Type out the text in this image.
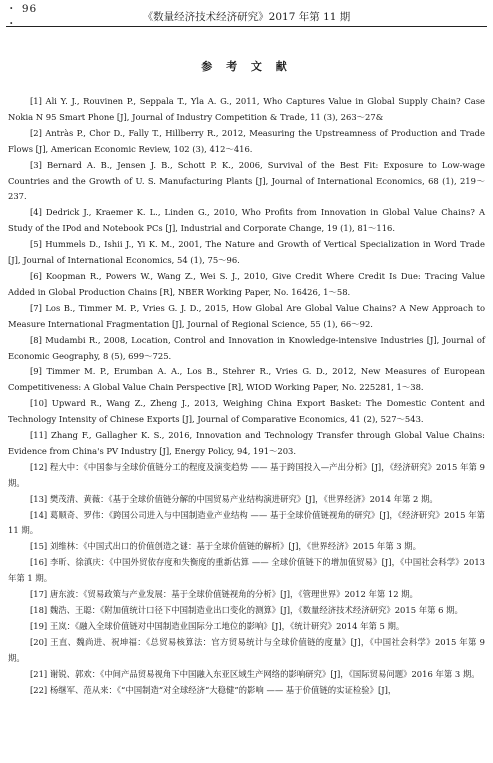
・ 96 ・
《数量经济技术经济研究》2017 年第 11 期
参 考 文 献

[1] Ali Y. J., Rouvinen P., Seppala T., Yla A. G., 2011, Who Captures Value in Global Supply Chain? Case Nokia N 95 Smart Phone [J], Journal of Industry Competition & Trade, 11 (3), 263～27&

[2] Antràs P., Chor D., Fally T., Hillberry R., 2012, Measuring the Upstreamness of Production and Trade Flows [J], American Economic Review, 102 (3), 412～416.

[3] Bernard A. B., Jensen J. B., Schott P. K., 2006, Survival of the Best Fit: Exposure to Low-wage Countries and the Growth of U. S. Manufacturing Plants [J], Journal of International Economics, 68 (1), 219～237.

[4] Dedrick J., Kraemer K. L., Linden G., 2010, Who Profits from Innovation in Global Value Chains? A Study of the IPod and Notebook PCs [J], Industrial and Corporate Change, 19 (1), 81～116.

[5] Hummels D., Ishii J., Yi K. M., 2001, The Nature and Growth of Vertical Specialization in Word Trade [J], Journal of International Economics, 54 (1), 75～96.

[6] Koopman R., Powers W., Wang Z., Wei S. J., 2010, Give Credit Where Credit Is Due: Tracing Value Added in Global Production Chains [R], NBER Working Paper, No. 16426, 1～58.

[7] Los B., Timmer M. P., Vries G. J. D., 2015, How Global Are Global Value Chains? A New Approach to Measure International Fragmentation [J], Journal of Regional Science, 55 (1), 66～92.

[8] Mudambi R., 2008, Location, Control and Innovation in Knowledge-intensive Industries [J], Journal of Economic Geography, 8 (5), 699～725.

[9] Timmer M. P., Erumban A. A., Los B., Stehrer R., Vries G. D., 2012, New Measures of European Competitiveness: A Global Value Chain Perspective [R], WIOD Working Paper, No. 225281, 1～38.

[10] Upward R., Wang Z., Zheng J., 2013, Weighing China Export Basket: The Domestic Content and Technology Intensity of Chinese Exports [J], Journal of Comparative Economics, 41 (2), 527～543.

[11] Zhang F., Gallagher K. S., 2016, Innovation and Technology Transfer through Global Value Chains: Evidence from China's PV Industry [J], Energy Policy, 94, 191～203.

[12] 程大中：《中国参与全球价值链分工的程度及演变趋势 —— 基于跨国投入—产出分析》[J]，《经济研究》2015 年第 9 期。

[13] 樊茂清、黄薇：《基于全球价值链分解的中国贸易产业结构演进研究》[J]，《世界经济》2014 年第 2 期。

[14] 葛顺奇、罗伟：《跨国公司进入与中国制造业产业结构 —— 基于全球价值链视角的研究》[J]，《经济研究》2015 年第 11 期。

[15] 刘维林：《中国式出口的价值创造之谜：基于全球价值链的解析》[J]，《世界经济》2015 年第 3 期。

[16] 李昕、徐滇庆：《中国外贸依存度和失衡度的重新估算 —— 全球价值链下的增加值贸易》[J]，《中国社会科学》2013 年第 1 期。

[17] 唐东波：《贸易政策与产业发展：基于全球价值链视角的分析》[J]，《管理世界》2012 年第 12 期。

[18] 魏浩、王聪：《附加值统计口径下中国制造业出口变化的测算》[J]，《数量经济技术经济研究》2015 年第 6 期。

[19] 王岚：《融入全球价值链对中国制造业国际分工地位的影响》[J]，《统计研究》2014 年第 5 期。

[20] 王直、魏尚进、祝坤福：《总贸易核算法：官方贸易统计与全球价值链的度量》[J]，《中国社会科学》2015 年第 9 期。

[21] 谢锐、郭欢：《中间产品贸易视角下中国融入东亚区域生产网络的影响研究》[J]，《国际贸易问题》2016 年第 3 期。

[22] 杨继军、范从来：《“中国制造”对全球经济“大稳健”的影响 —— 基于价值链的实证检验》[J]，
